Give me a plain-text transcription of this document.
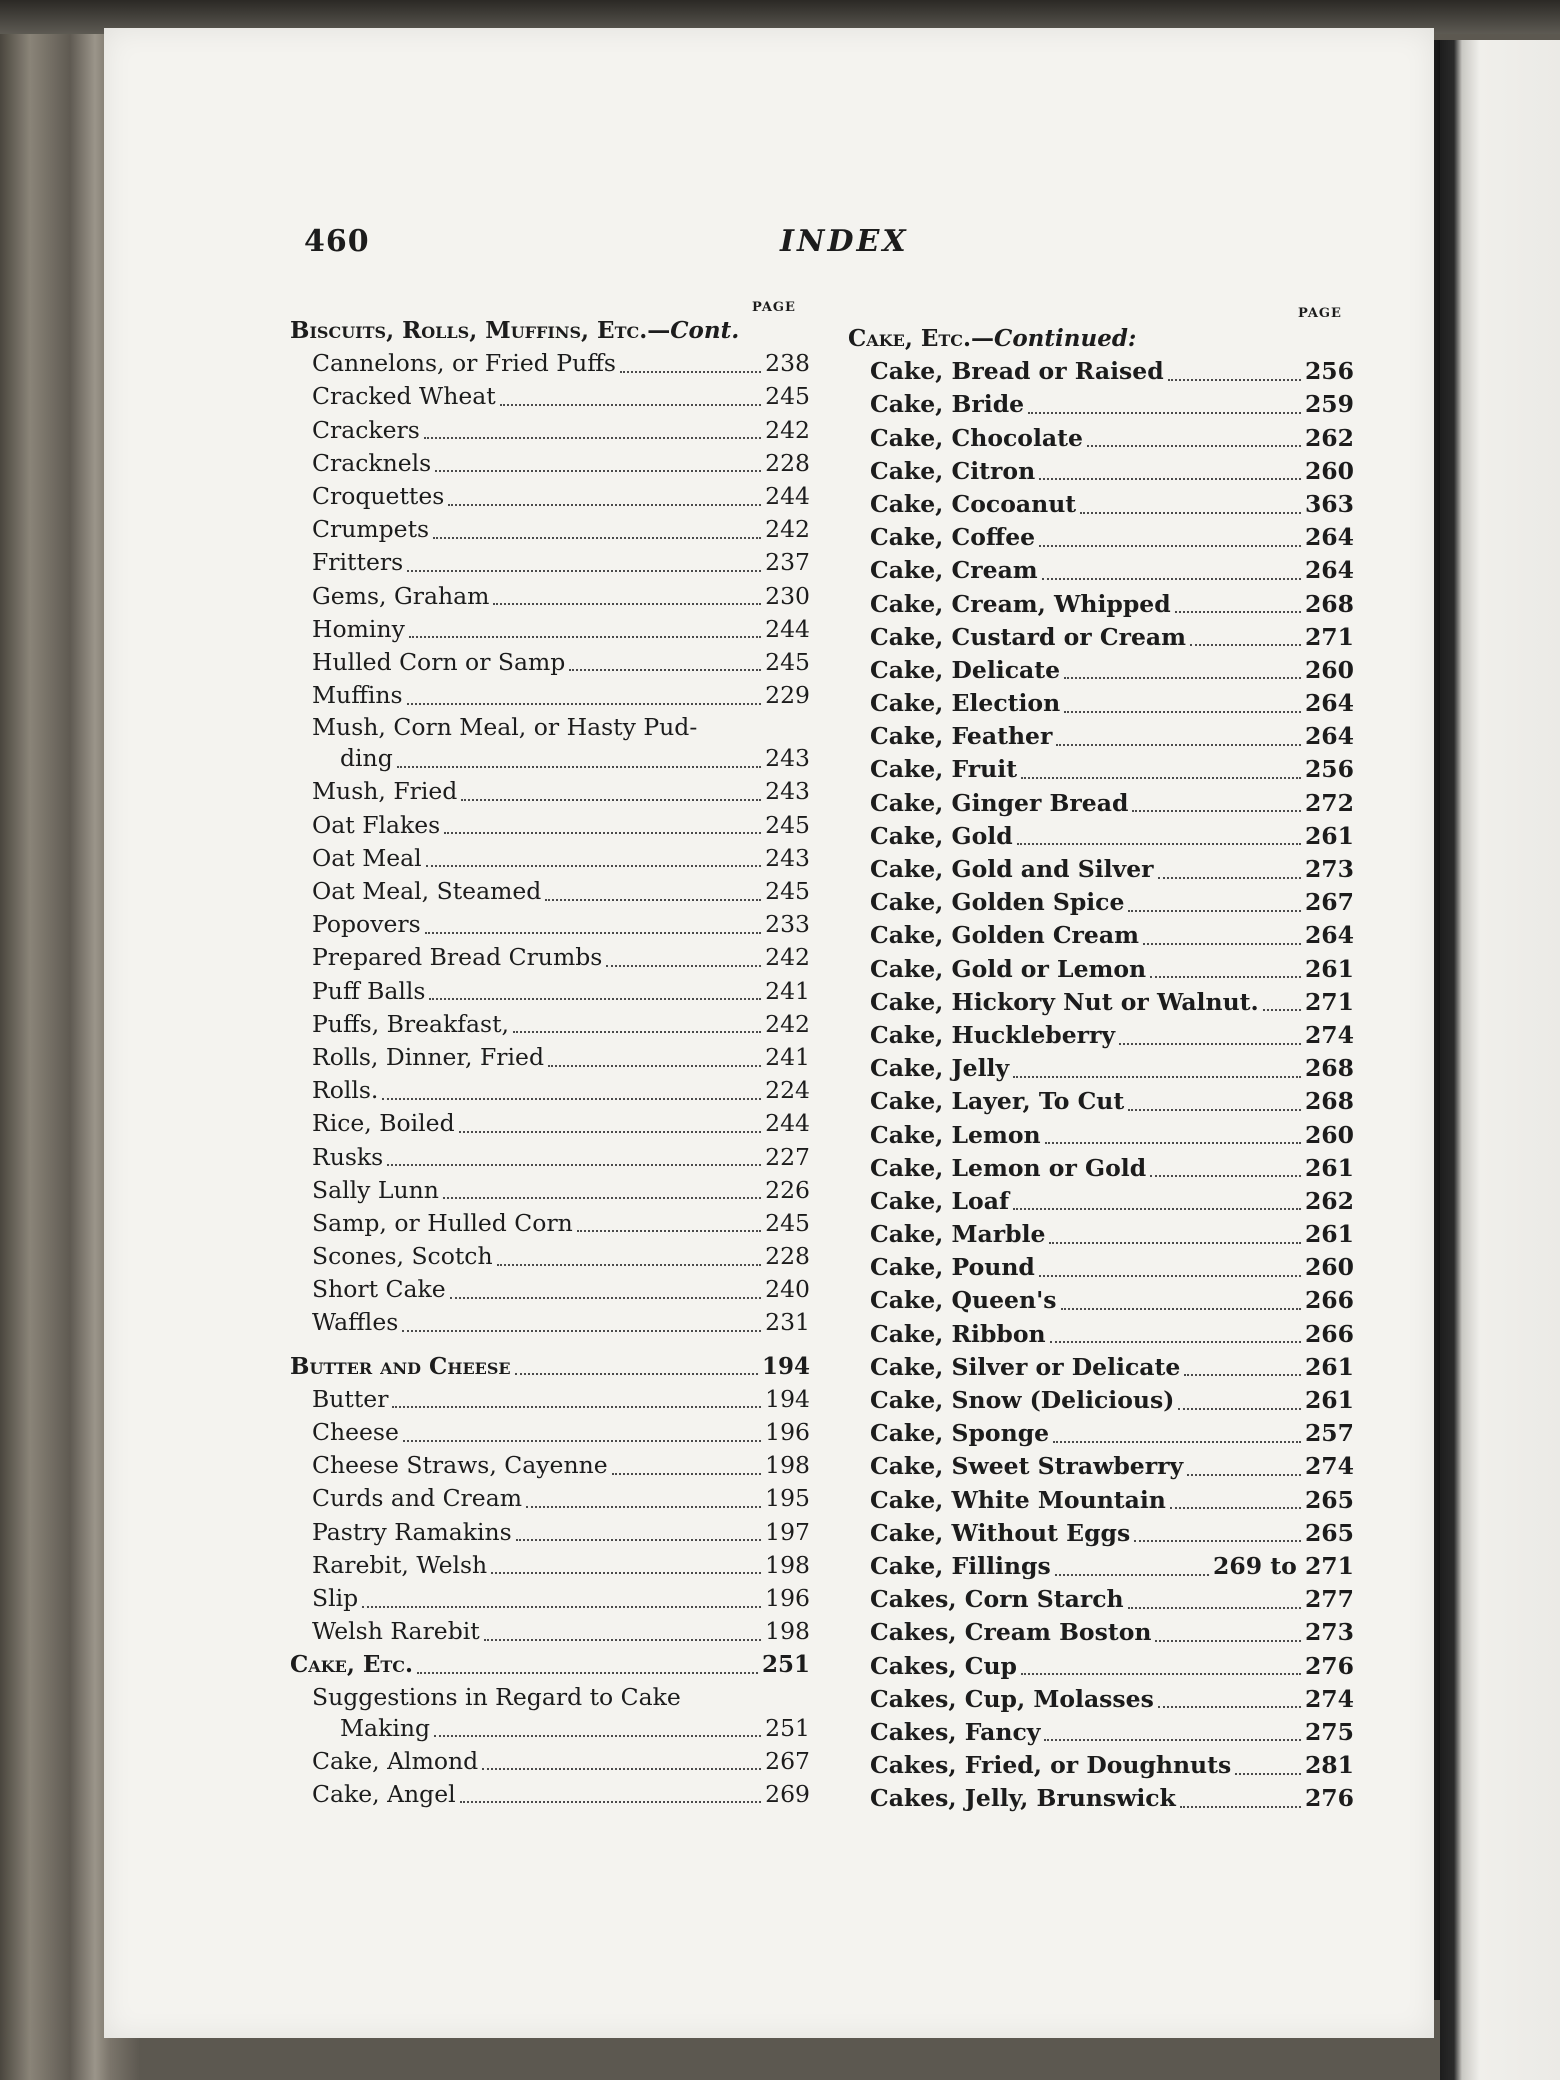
460	INDEX
PAGE	PAGE
Biscuits, Rolls, Muffins, Etc.— Cont.
Cannelons, or Fried Puffs	238
Cracked Wheat	245
Crackers	242
Cracknels	228
Croquettes	244
Crumpets	242
Fritters	237
Gems, Graham	230
Hominy	244
Hulled Corn or Samp	245
Muffins	229
Mush, Corn Meal, or Hasty Pud-
ding	243
Mush, Fried	243
Oat Flakes	245
Oat Meal	243
Oat Meal, Steamed	245
Popovers	233
Prepared Bread Crumbs	242
Puff Balls	241
Puffs, Breakfast,	242
Rolls, Dinner, Fried	241
Rolls.	224
Rice, Boiled	244
Rusks	227
Sally Lunn	226
Samp, or Hulled Corn	245
Scones, Scotch	228
Short Cake	240
Waffles	231
Butter and Cheese	194
Butter	194
Cheese	196
Cheese Straws, Cayenne	198
Curds and Cream	195
Pastry Ramakins	197
Rarebit, Welsh	198
Slip	196
Welsh Rarebit	198
Cake, Etc.	251
Suggestions in Regard to Cake
Making	251
Cake, Almond	267
Cake, Angel	269
Cake, Etc.— Continued:
Cake, Bread or Raised	256
Cake, Bride	259
Cake, Chocolate	262
Cake, Citron	260
Cake, Cocoanut	363
Cake, Coffee	264
Cake, Cream	264
Cake, Cream, Whipped	268
Cake, Custard or Cream	271
Cake, Delicate	260
Cake, Election	264
Cake, Feather	264
Cake, Fruit	256
Cake, Ginger Bread	272
Cake, Gold	261
Cake, Gold and Silver	273
Cake, Golden Spice	267
Cake, Golden Cream	264
Cake, Gold or Lemon	261
Cake, Hickory Nut or Walnut. 271
Cake, Huckleberry	274
Cake, Jelly	268
Cake, Layer, To Cut	268
Cake, Lemon	260
Cake, Lemon or Gold	261
Cake, Loaf	262
Cake, Marble	261
Cake, Pound	260
Cake, Queen's	266
Cake, Ribbon	266
Cake, Silver or Delicate	261
Cake, Snow (Delicious)	261
Cake, Sponge	257
Cake, Sweet Strawberry	274
Cake, White Mountain	265
Cake, Without Eggs	265
Cake, Fillings	269 to 271
Cakes, Corn Starch	277
Cakes, Cream Boston	273
Cakes, Cup	276
Cakes, Cup, Molasses	274
Cakes, Fancy	275
Cakes, Fried, or Doughnuts	281
Cakes, Jelly, Brunswick	276
